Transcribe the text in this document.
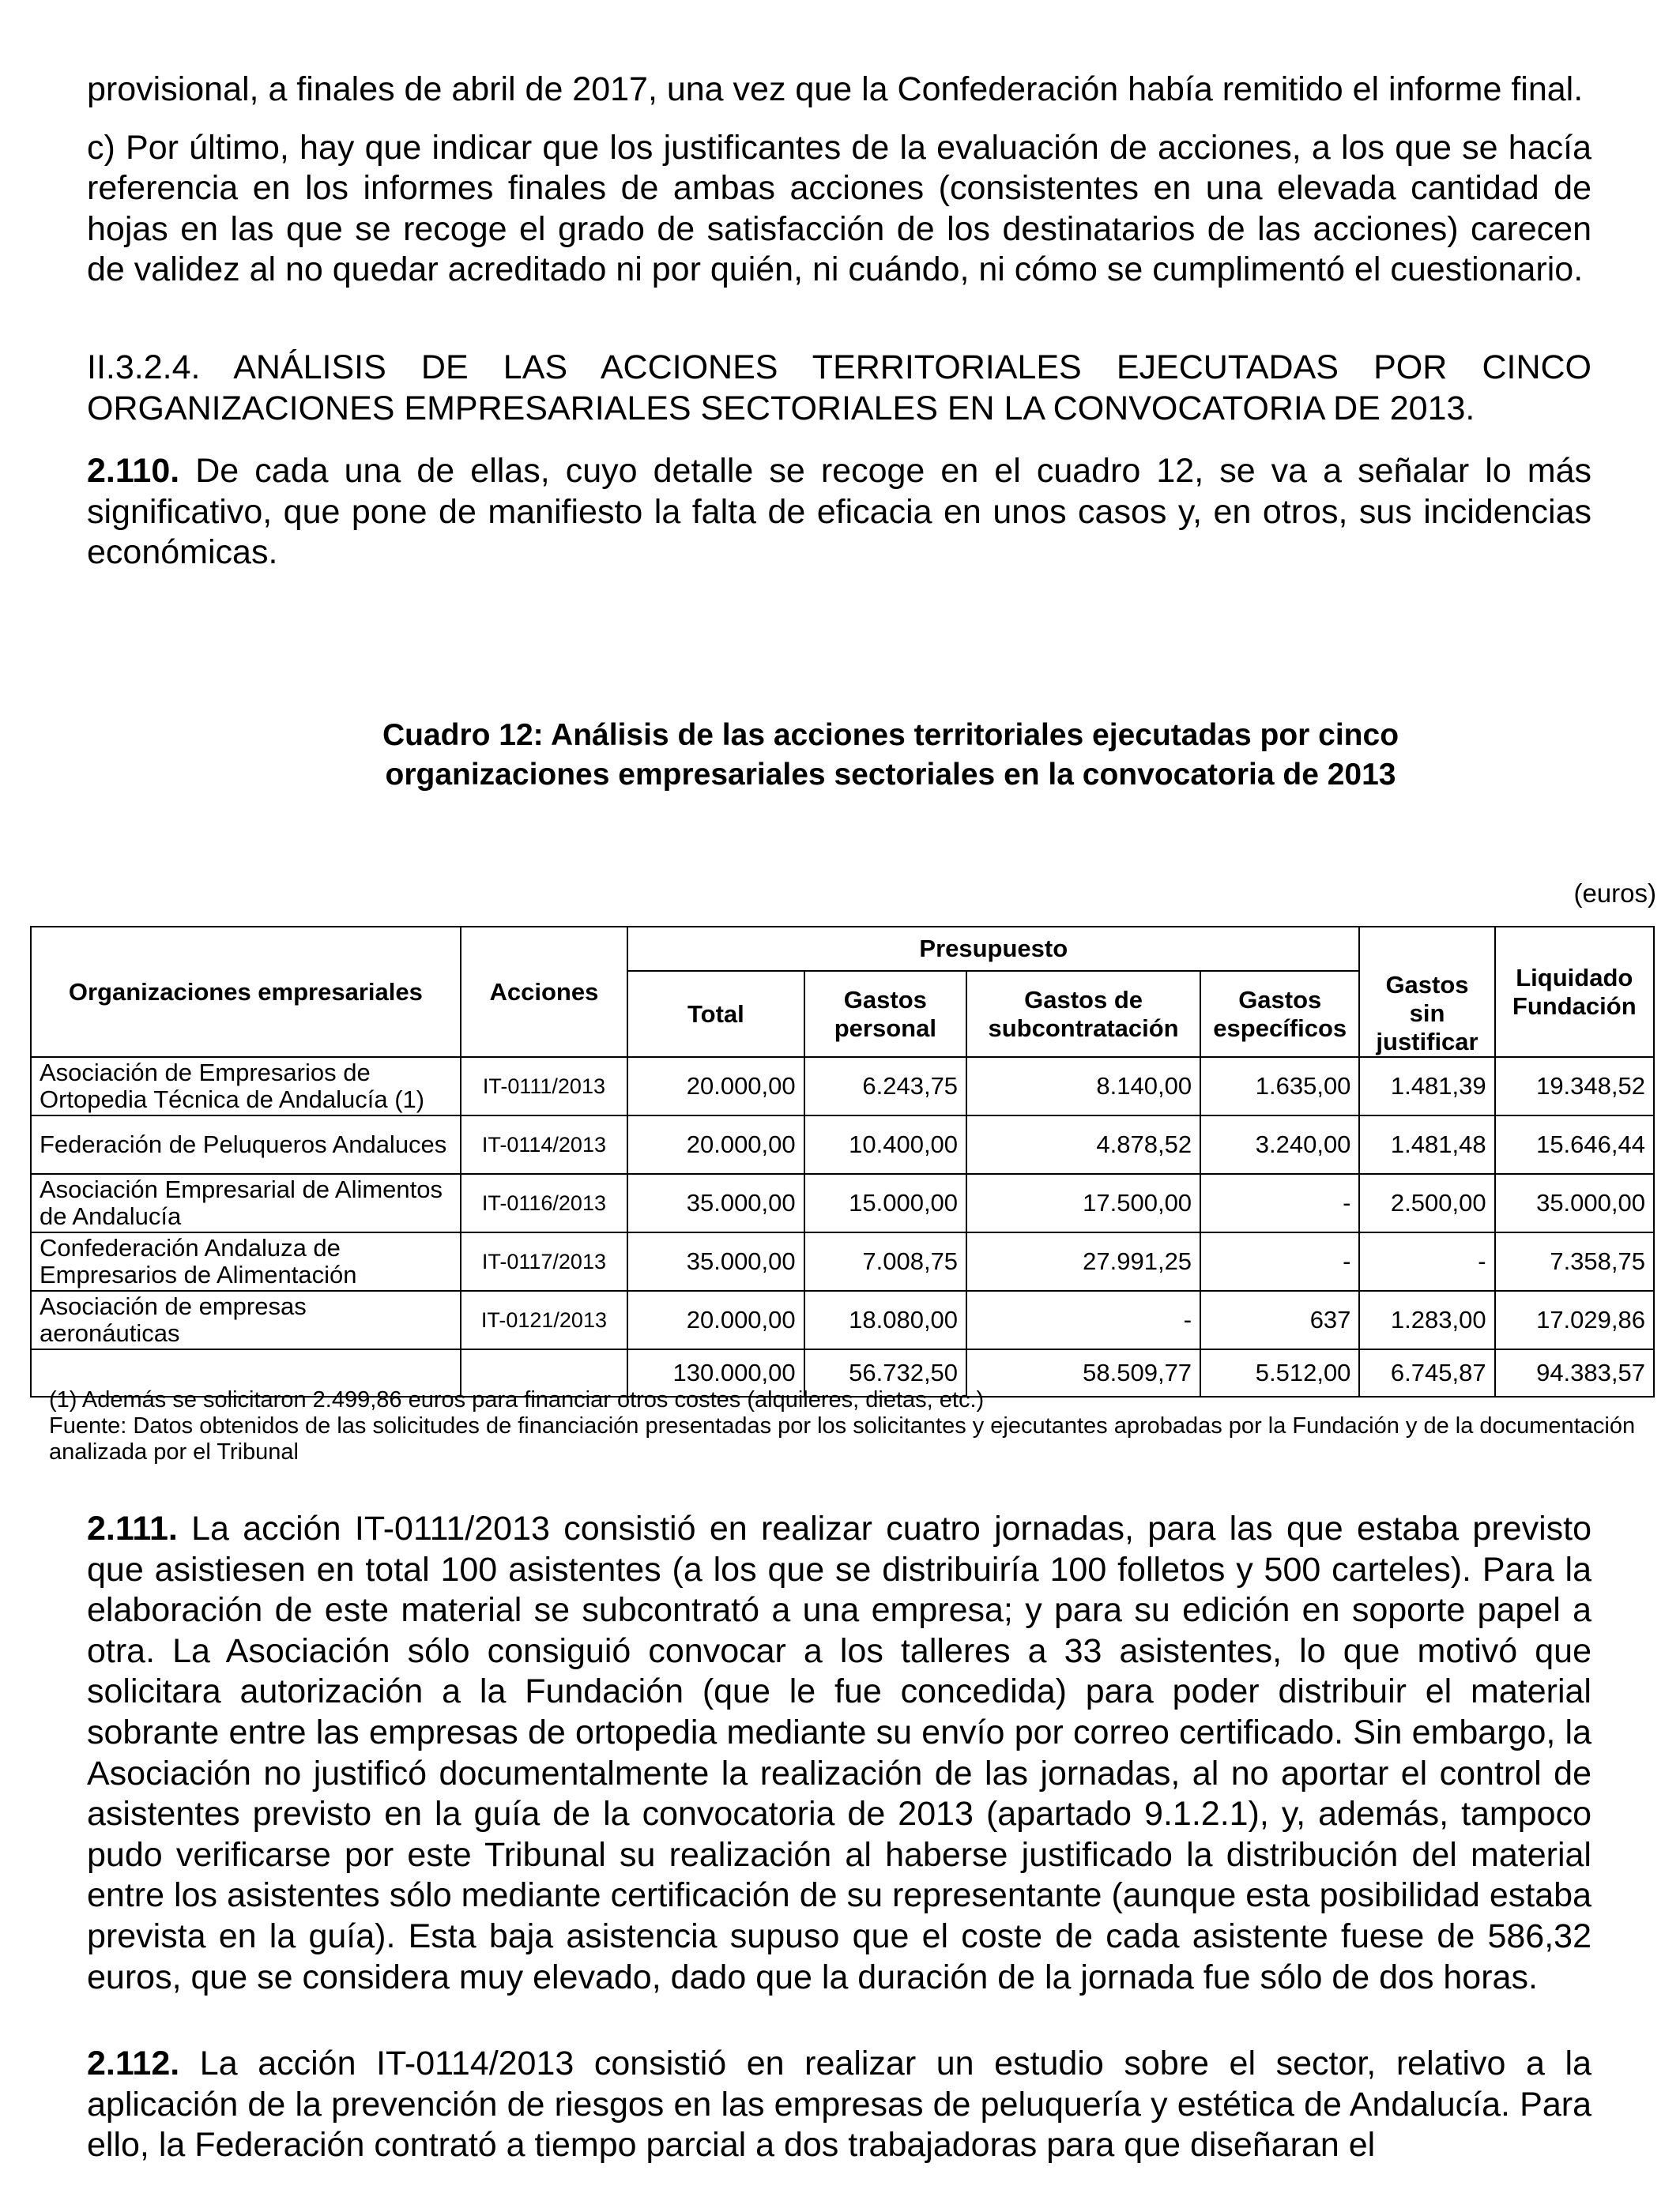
provisional, a finales de abril de 2017, una vez que la Confederación había remitido el informe final.

c) Por último, hay que indicar que los justificantes de la evaluación de acciones, a los que se hacía referencia en los informes finales de ambas acciones (consistentes en una elevada cantidad de hojas en las que se recoge el grado de satisfacción de los destinatarios de las acciones) carecen de validez al no quedar acreditado ni por quién, ni cuándo, ni cómo se cumplimentó el cuestionario.

II.3.2.4. ANÁLISIS DE LAS ACCIONES TERRITORIALES EJECUTADAS POR CINCO ORGANIZACIONES EMPRESARIALES SECTORIALES EN LA CONVOCATORIA DE 2013.

2.110. De cada una de ellas, cuyo detalle se recoge en el cuadro 12, se va a señalar lo más significativo, que pone de manifiesto la falta de eficacia en unos casos y, en otros, sus incidencias económicas.

Cuadro 12: Análisis de las acciones territoriales ejecutadas por cinco
organizaciones empresariales sectoriales en la convocatoria de 2013
(euros)
Organizaciones empresariales	Acciones	Presupuesto					Liquidado Fundación
		Total	Gastos personal	Gastos de subcontratación	Gastos específicos	Gastos sin justificar	
Asociación de Empresarios de Ortopedia Técnica de Andalucía (1)	IT-0111/2013	20.000,00	6.243,75	8.140,00	1.635,00	1.481,39	19.348,52
Federación de Peluqueros Andaluces	IT-0114/2013	20.000,00	10.400,00	4.878,52	3.240,00	1.481,48	15.646,44
Asociación Empresarial de Alimentos de Andalucía	IT-0116/2013	35.000,00	15.000,00	17.500,00	-	2.500,00	35.000,00
Confederación Andaluza de Empresarios de Alimentación	IT-0117/2013	35.000,00	7.008,75	27.991,25	-	-	7.358,75
Asociación de empresas aeronáuticas	IT-0121/2013	20.000,00	18.080,00	-	637	1.283,00	17.029,86
		130.000,00	56.732,50	58.509,77	5.512,00	6.745,87	94.383,57

(1) Además se solicitaron 2.499,86 euros para financiar otros costes (alquileres, dietas, etc.)

Fuente: Datos obtenidos de las solicitudes de financiación presentadas por los solicitantes y ejecutantes aprobadas por la Fundación y de la documentación analizada por el Tribunal

2.111. La acción IT-0111/2013 consistió en realizar cuatro jornadas, para las que estaba previsto que asistiesen en total 100 asistentes (a los que se distribuiría 100 folletos y 500 carteles). Para la elaboración de este material se subcontrató a una empresa; y para su edición en soporte papel a otra. La Asociación sólo consiguió convocar a los talleres a 33 asistentes, lo que motivó que solicitara autorización a la Fundación (que le fue concedida) para poder distribuir el material sobrante entre las empresas de ortopedia mediante su envío por correo certificado. Sin embargo, la Asociación no justificó documentalmente la realización de las jornadas, al no aportar el control de asistentes previsto en la guía de la convocatoria de 2013 (apartado 9.1.2.1), y, además, tampoco pudo verificarse por este Tribunal su realización al haberse justificado la distribución del material entre los asistentes sólo mediante certificación de su representante (aunque esta posibilidad estaba prevista en la guía). Esta baja asistencia supuso que el coste de cada asistente fuese de 586,32 euros, que se considera muy elevado, dado que la duración de la jornada fue sólo de dos horas.

2.112. La acción IT-0114/2013 consistió en realizar un estudio sobre el sector, relativo a la aplicación de la prevención de riesgos en las empresas de peluquería y estética de Andalucía. Para ello, la Federación contrató a tiempo parcial a dos trabajadoras para que diseñaran el
